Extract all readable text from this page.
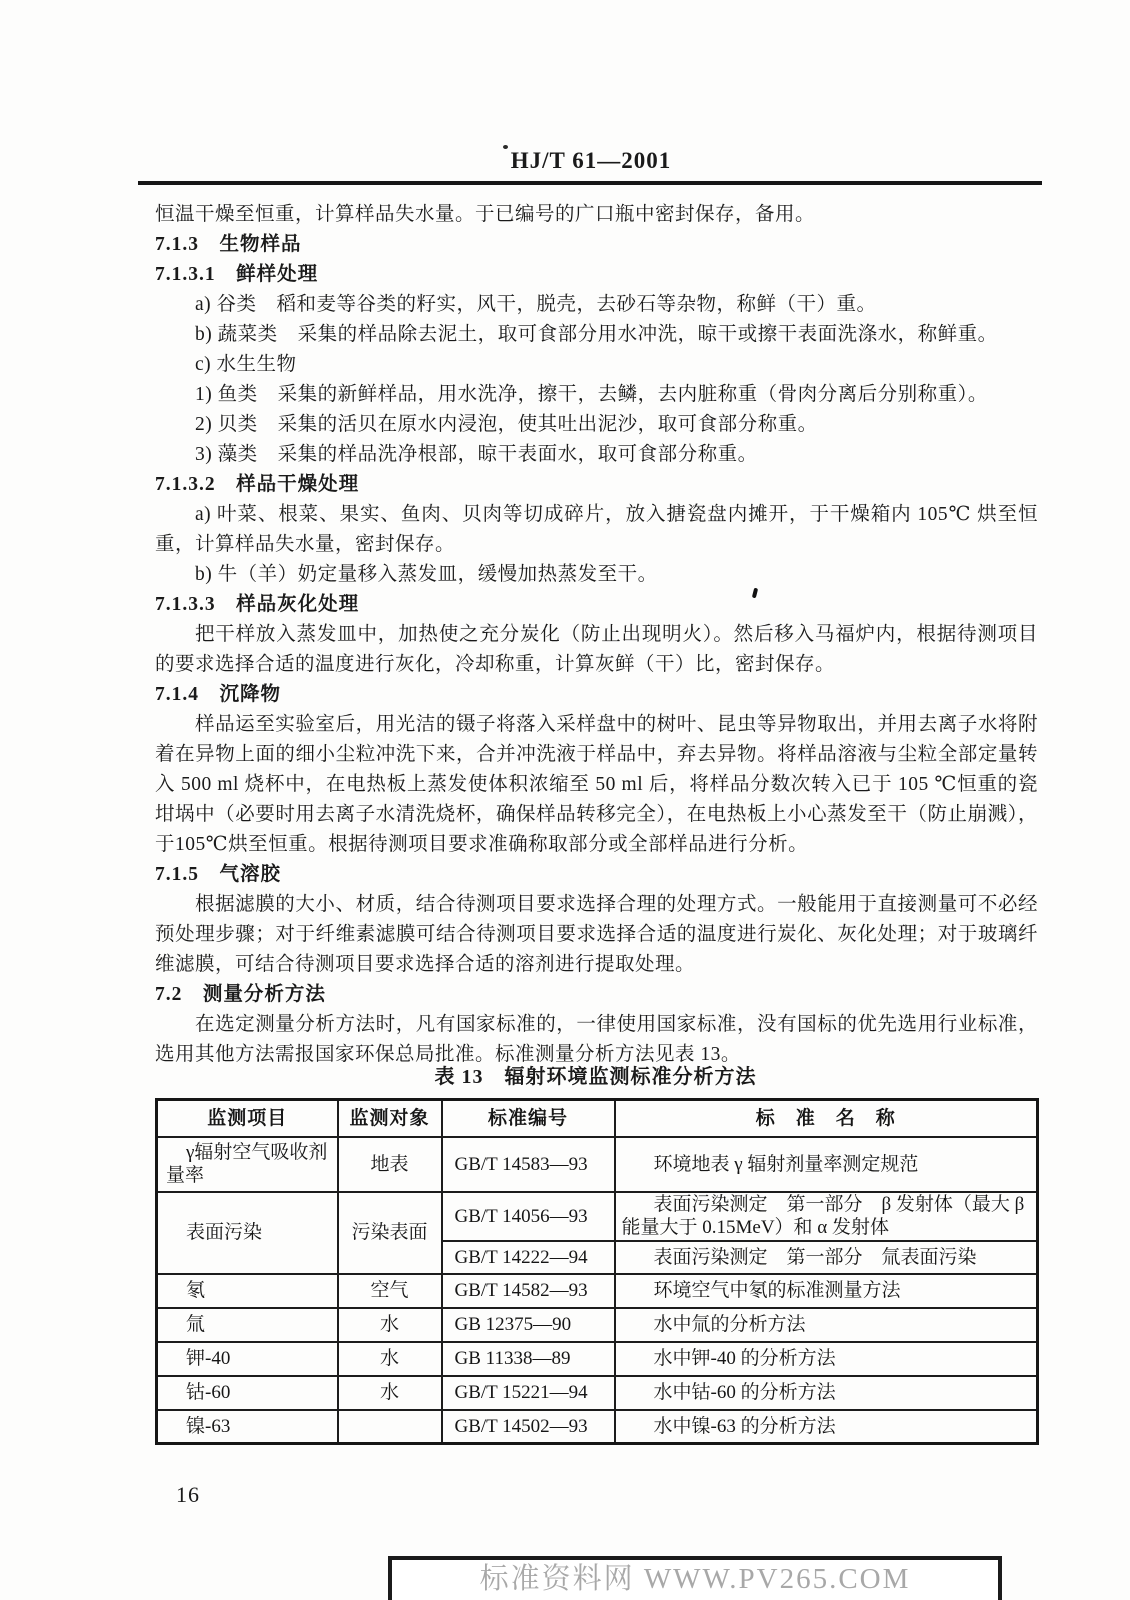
HJ/T 61—2001

恒温干燥至恒重，计算样品失水量。于已编号的广口瓶中密封保存，备用。

7.1.3　生物样品

7.1.3.1　鲜样处理

a) 谷类　稻和麦等谷类的籽实，风干，脱壳，去砂石等杂物，称鲜（干）重。

b) 蔬菜类　采集的样品除去泥土，取可食部分用水冲洗，晾干或擦干表面洗涤水，称鲜重。

c) 水生生物

1) 鱼类　采集的新鲜样品，用水洗净，擦干，去鳞，去内脏称重（骨肉分离后分别称重）。

2) 贝类　采集的活贝在原水内浸泡，使其吐出泥沙，取可食部分称重。

3) 藻类　采集的样品洗净根部，晾干表面水，取可食部分称重。

7.1.3.2　样品干燥处理

a) 叶菜、根菜、果实、鱼肉、贝肉等切成碎片，放入搪瓷盘内摊开，于干燥箱内 105℃ 烘至恒重，计算样品失水量，密封保存。

b) 牛（羊）奶定量移入蒸发皿，缓慢加热蒸发至干。

7.1.3.3　样品灰化处理

把干样放入蒸发皿中，加热使之充分炭化（防止出现明火）。然后移入马福炉内，根据待测项目的要求选择合适的温度进行灰化，冷却称重，计算灰鲜（干）比，密封保存。

7.1.4　沉降物

样品运至实验室后，用光洁的镊子将落入采样盘中的树叶、昆虫等异物取出，并用去离子水将附着在异物上面的细小尘粒冲洗下来，合并冲洗液于样品中，弃去异物。将样品溶液与尘粒全部定量转入 500 ml 烧杯中，在电热板上蒸发使体积浓缩至 50 ml 后，将样品分数次转入已于 105 ℃恒重的瓷坩埚中（必要时用去离子水清洗烧杯，确保样品转移完全），在电热板上小心蒸发至干（防止崩溅），于105℃烘至恒重。根据待测项目要求准确称取部分或全部样品进行分析。

7.1.5　气溶胶

根据滤膜的大小、材质，结合待测项目要求选择合理的处理方式。一般能用于直接测量可不必经预处理步骤；对于纤维素滤膜可结合待测项目要求选择合适的温度进行炭化、灰化处理；对于玻璃纤维滤膜，可结合待测项目要求选择合适的溶剂进行提取处理。

7.2　测量分析方法

在选定测量分析方法时，凡有国家标准的，一律使用国家标准，没有国标的优先选用行业标准，选用其他方法需报国家环保总局批准。标准测量分析方法见表 13。

表 13　辐射环境监测标准分析方法
监测项目	监测对象	标准编号	标　准　名　称
γ辐射空气吸收剂量率	地表	GB/T 14583—93	环境地表 γ 辐射剂量率测定规范
表面污染	污染表面	GB/T 14056—93	表面污染测定　第一部分　β 发射体（最大 β 能量大于 0.15MeV）和 α 发射体
		GB/T 14222—94	表面污染测定　第一部分　氚表面污染
氡	空气	GB/T 14582—93	环境空气中氡的标准测量方法
氚	水	GB 12375—90	水中氚的分析方法
钾-40	水	GB 11338—89	水中钾-40 的分析方法
钴-60	水	GB/T 15221—94	水中钴-60 的分析方法
镍-63		GB/T 14502—93	水中镍-63 的分析方法
16
标准资料网 WWW.PV265.COM
